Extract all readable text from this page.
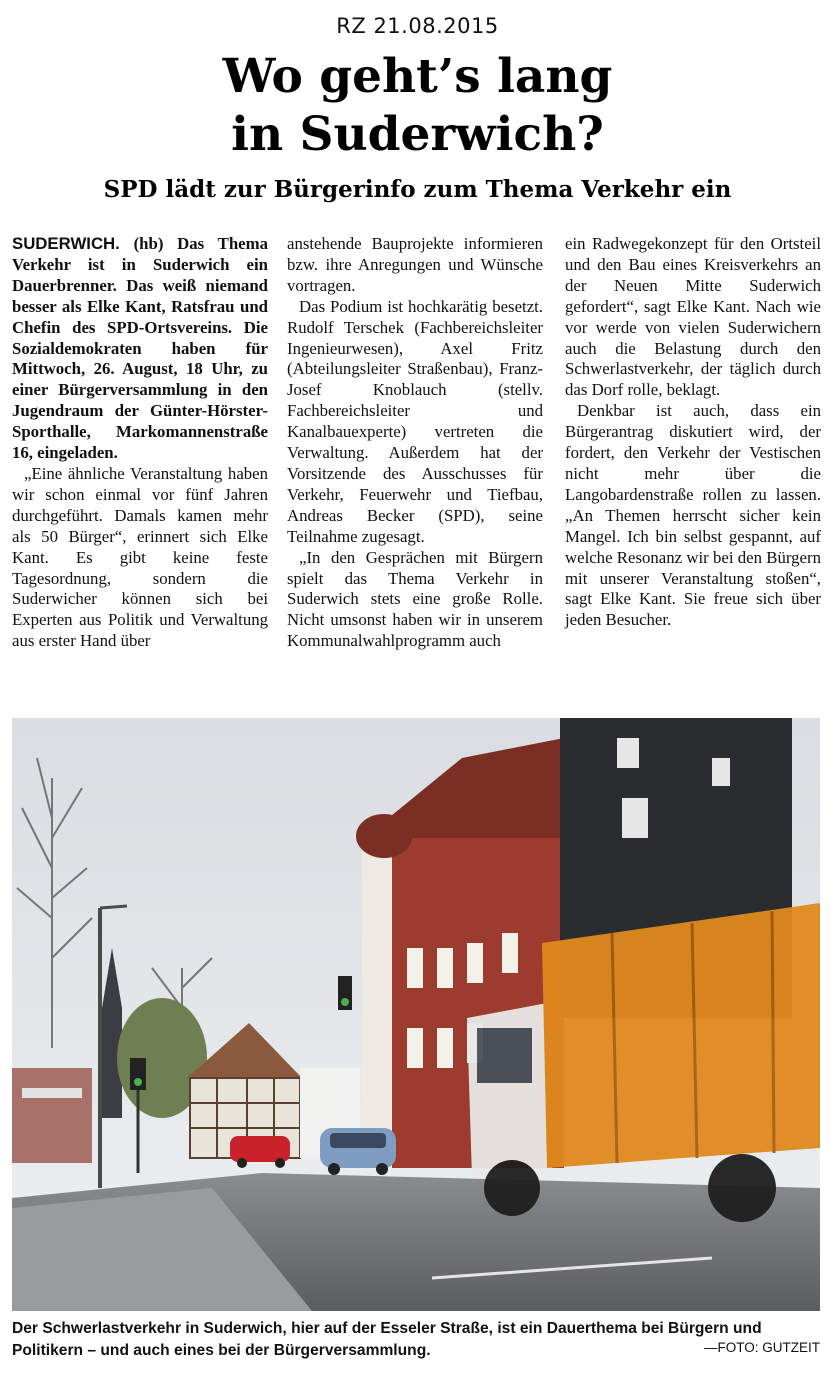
RZ 21.08.2015
Wo geht’s lang
in Suderwich?
SPD lädt zur Bürgerinfo zum Thema Verkehr ein

SUDERWICH. (hb) Das Thema Verkehr ist in Suderwich ein Dauerbrenner. Das weiß niemand besser als Elke Kant, Ratsfrau und Chefin des SPD-Ortsvereins. Die Sozialdemokraten haben für Mittwoch, 26. August, 18 Uhr, zu einer Bürgerversammlung in den Jugendraum der Günter-Hörster-Sporthalle, Markomannenstraße 16, eingeladen.

„Eine ähnliche Veranstaltung haben wir schon einmal vor fünf Jahren durchgeführt. Damals kamen mehr als 50 Bürger“, erinnert sich Elke Kant. Es gibt keine feste Tagesordnung, sondern die Suderwicher können sich bei Experten aus Politik und Verwaltung aus erster Hand über

anstehende Bauprojekte informieren bzw. ihre Anregungen und Wünsche vortragen.

Das Podium ist hochkarätig besetzt. Rudolf Terschek (Fachbereichsleiter Ingenieurwesen), Axel Fritz (Abteilungsleiter Straßenbau), Franz-Josef Knoblauch (stellv. Fachbereichsleiter und Kanalbauexperte) vertreten die Verwaltung. Außerdem hat der Vorsitzende des Ausschusses für Verkehr, Feuerwehr und Tiefbau, Andreas Becker (SPD), seine Teilnahme zugesagt.

„In den Gesprächen mit Bürgern spielt das Thema Verkehr in Suderwich stets eine große Rolle. Nicht umsonst haben wir in unserem Kommunalwahlprogramm auch

ein Radwegekonzept für den Ortsteil und den Bau eines Kreisverkehrs an der Neuen Mitte Suderwich gefordert“, sagt Elke Kant. Nach wie vor werde von vielen Suderwichern auch die Belastung durch den Schwerlastverkehr, der täglich durch das Dorf rolle, beklagt.

Denkbar ist auch, dass ein Bürgerantrag diskutiert wird, der fordert, den Verkehr der Vestischen nicht mehr über die Langobardenstraße rollen zu lassen. „An Themen herrscht sicher kein Mangel. Ich bin selbst gespannt, auf welche Resonanz wir bei den Bürgern mit unserer Veranstaltung stoßen“, sagt Elke Kant. Sie freue sich über jeden Besucher.

Der Schwerlastverkehr in Suderwich, hier auf der Esseler Straße, ist ein Dauerthema bei Bürgern und Politikern – und auch eines bei der Bürgerversammlung.	—FOTO: GUTZEIT
